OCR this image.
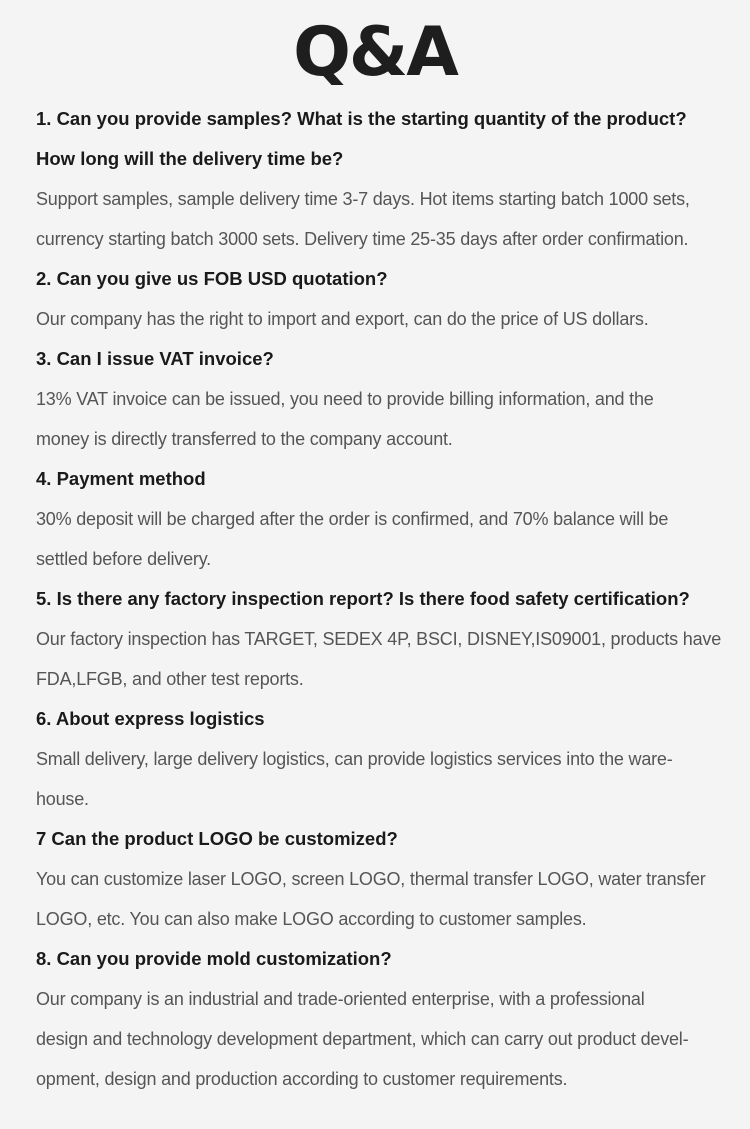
Q&A
1. Can you provide samples? What is the starting quantity of the product?
How long will the delivery time be?
Support samples, sample delivery time 3-7 days. Hot items starting batch 1000 sets,
currency starting batch 3000 sets. Delivery time 25-35 days after order confirmation.
2. Can you give us FOB USD quotation?
Our company has the right to import and export, can do the price of US dollars.
3. Can I issue VAT invoice?
13% VAT invoice can be issued, you need to provide billing information, and the
money is directly transferred to the company account.
4. Payment method
30% deposit will be charged after the order is confirmed, and 70% balance will be
settled before delivery.
5. Is there any factory inspection report? Is there food safety certification?
Our factory inspection has TARGET, SEDEX 4P, BSCI, DISNEY,IS09001, products have
FDA,LFGB, and other test reports.
6. About express logistics
Small delivery, large delivery logistics, can provide logistics services into the ware-
house.
7 Can the product LOGO be customized?
You can customize laser LOGO, screen LOGO, thermal transfer LOGO, water transfer
LOGO, etc. You can also make LOGO according to customer samples.
8. Can you provide mold customization?
Our company is an industrial and trade-oriented enterprise, with a professional
design and technology development department, which can carry out product devel-
opment, design and production according to customer requirements.
